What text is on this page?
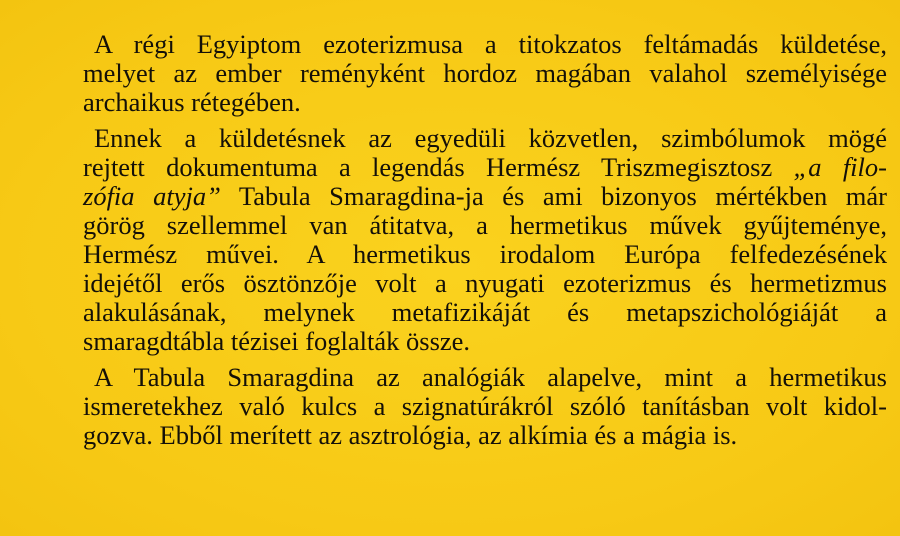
A régi Egyiptom ezoterizmusa a titokzatos feltámadás küldetése,
melyet az ember reményként hordoz magában valahol személyisége
archaikus rétegében.
Ennek a küldetésnek az egyedüli közvetlen, szimbólumok mögé
rejtett dokumentuma a legendás Hermész Triszmegisztosz „a filo-
zófia atyja” Tabula Smaragdina-ja és ami bizonyos mértékben már
görög szellemmel van átitatva, a hermetikus művek gyűjteménye,
Hermész művei. A hermetikus irodalom Európa felfedezésének
idejétől erős ösztönzője volt a nyugati ezoterizmus és hermetizmus
alakulásának, melynek metafizikáját és metapszichológiáját a
smaragdtábla tézisei foglalták össze.
A Tabula Smaragdina az analógiák alapelve, mint a hermetikus
ismeretekhez való kulcs a szignatúrákról szóló tanításban volt kidol-
gozva. Ebből merített az asztrológia, az alkímia és a mágia is.
